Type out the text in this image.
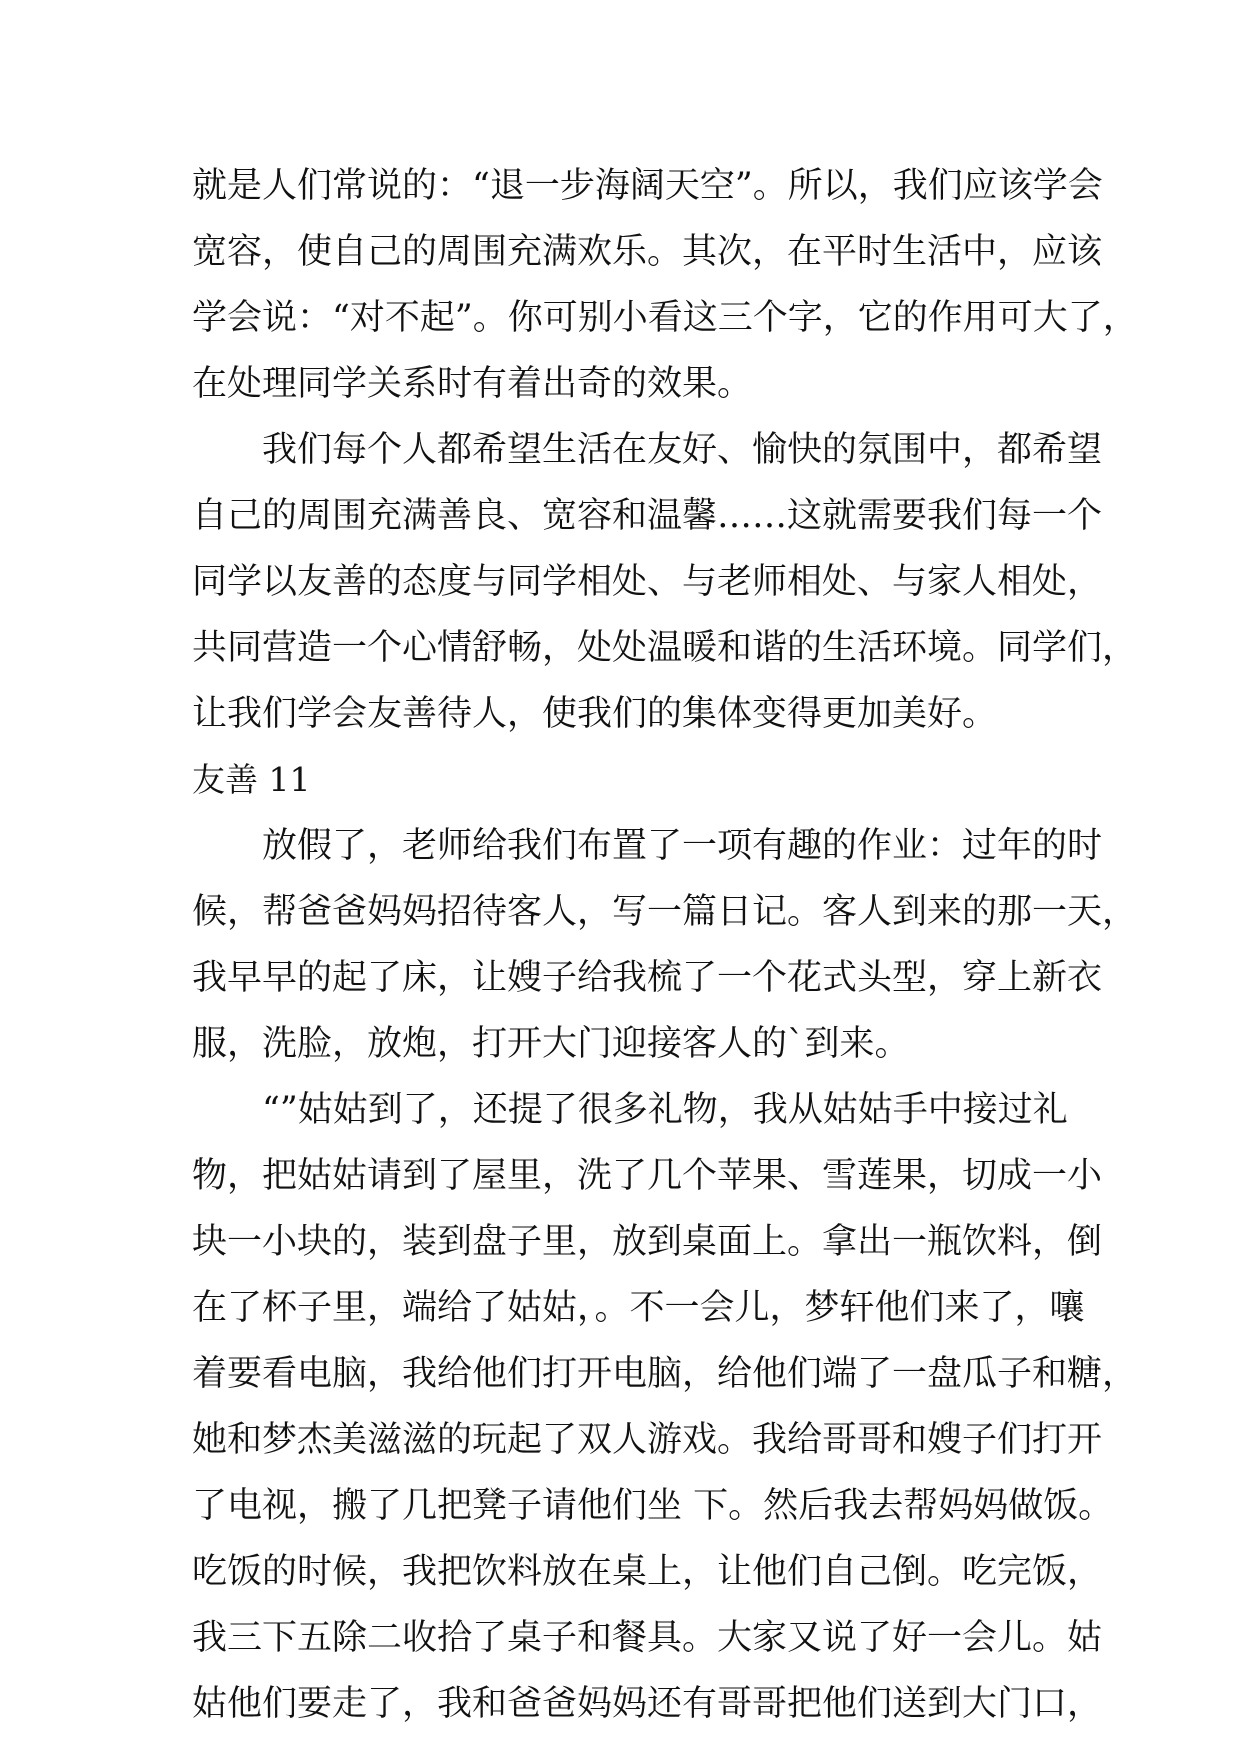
就是人们常说的：“退一步海阔天空”。所以，我们应该学会
宽容，使自己的周围充满欢乐。其次，在平时生活中，应该
学会说：“对不起”。你可别小看这三个字，它的作用可大了，
在处理同学关系时有着出奇的效果。
我们每个人都希望生活在友好、愉快的氛围中，都希望
自己的周围充满善良、宽容和温馨……这就需要我们每一个
同学以友善的态度与同学相处、与老师相处、与家人相处，
共同营造一个心情舒畅，处处温暖和谐的生活环境。同学们，
让我们学会友善待人，使我们的集体变得更加美好。
友善 11
放假了，老师给我们布置了一项有趣的作业：过年的时
候，帮爸爸妈妈招待客人，写一篇日记。客人到来的那一天，
我早早的起了床，让嫂子给我梳了一个花式头型，穿上新衣
服，洗脸，放炮，打开大门迎接客人的`到来。
“”姑姑到了，还提了很多礼物，我从姑姑手中接过礼
物，把姑姑请到了屋里，洗了几个苹果、雪莲果，切成一小
块一小块的，装到盘子里，放到桌面上。拿出一瓶饮料，倒
在了杯子里，端给了姑姑，。不一会儿，梦轩他们来了，嚷
着要看电脑，我给他们打开电脑，给他们端了一盘瓜子和糖，
她和梦杰美滋滋的玩起了双人游戏。我给哥哥和嫂子们打开
了电视，搬了几把凳子请他们坐 下。然后我去帮妈妈做饭。
吃饭的时候，我把饮料放在桌上，让他们自己倒。吃完饭，
我三下五除二收拾了桌子和餐具。大家又说了好一会儿。姑
姑他们要走了，我和爸爸妈妈还有哥哥把他们送到大门口，
